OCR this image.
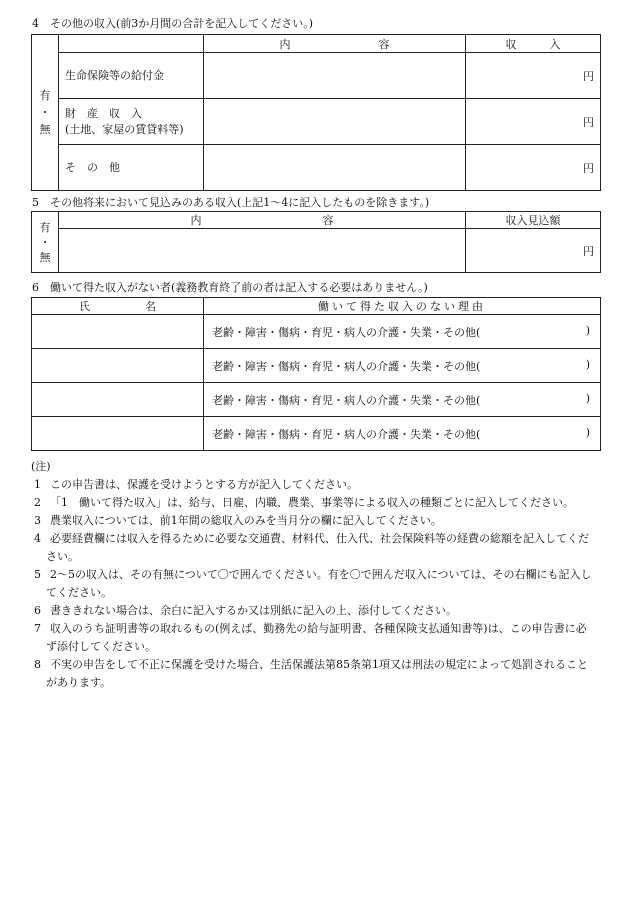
4　その他の収入(前3か月間の合計を記入してください。)
有
・
無		内　　　　　　　　容	収　　　入
	生命保険等の給付金		円

	財　産　収　入
(土地、家屋の賃貸料等)		円
	そ　の　他		円
5　その他将来において見込みのある収入(上記1～4に記入したものを除きます。)
有
・
無	内　　　　　　　　　　　容	収入見込額
		円
6　働いて得た収入がない者(義務教育終了前の者は記入する必要はありません。)
氏　　　　　名	働いて得た収入のない理由

	老齢・障害・傷病・育児・病人の介護・失業・その他( )

	老齢・障害・傷病・育児・病人の介護・失業・その他( )

	老齢・障害・傷病・育児・病人の介護・失業・その他( )

	老齢・障害・傷病・育児・病人の介護・失業・その他( )
(注)

1 この申告書は、保護を受けようとする方が記入してください。

2 「1　働いて得た収入」は、給与、日雇、内職、農業、事業等による収入の種類ごとに記入してください。

3 農業収入については、前1年間の総収入のみを当月分の欄に記入してください。

4 必要経費欄には収入を得るために必要な交通費、材料代、仕入代、社会保険料等の経費の総額を記入してください。

5 2～5の収入は、その有無について〇で囲んでください。有を〇で囲んだ収入については、その右欄にも記入してください。

6 書ききれない場合は、余白に記入するか又は別紙に記入の上、添付してください。

7 収入のうち証明書等の取れるもの(例えば、勤務先の給与証明書、各種保険支払通知書等)は、この申告書に必ず添付してください。

8 不実の申告をして不正に保護を受けた場合、生活保護法第85条第1項又は刑法の規定によって処罰されることがあります。
